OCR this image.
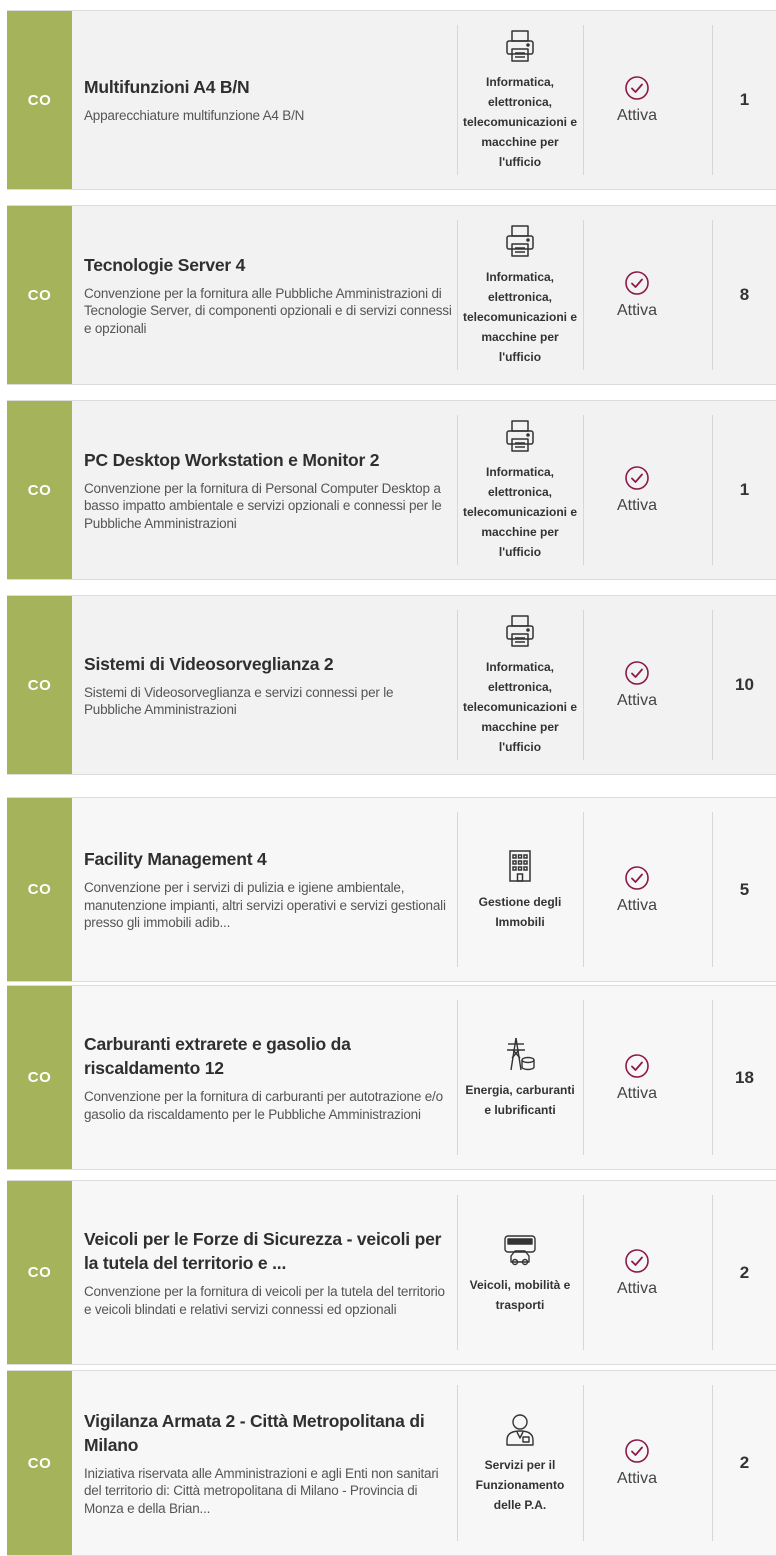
CO
Multifunzioni A4 B/N
Apparecchiature multifunzione A4 B/N
Informatica, elettronica, telecomunicazioni e macchine per l'ufficio
Attiva
1
CO
Tecnologie Server 4
Convenzione per la fornitura alle Pubbliche Amministrazioni di Tecnologie Server, di componenti opzionali e di servizi connessi e opzionali
Informatica, elettronica, telecomunicazioni e macchine per l'ufficio
Attiva
8
CO
PC Desktop Workstation e Monitor 2
Convenzione per la fornitura di Personal Computer Desktop a basso impatto ambientale e servizi opzionali e connessi per le Pubbliche Amministrazioni
Informatica, elettronica, telecomunicazioni e macchine per l'ufficio
Attiva
1
CO
Sistemi di Videosorveglianza 2
Sistemi di Videosorveglianza e servizi connessi per le Pubbliche Amministrazioni
Informatica, elettronica, telecomunicazioni e macchine per l'ufficio
Attiva
10
CO
Facility Management 4
Convenzione per i servizi di pulizia e igiene ambientale, manutenzione impianti, altri servizi operativi e servizi gestionali presso gli immobili adib...
Gestione degli Immobili
Attiva
5
CO
Carburanti extrarete e gasolio da riscaldamento 12
Convenzione per la fornitura di carburanti per autotrazione e/o gasolio da riscaldamento per le Pubbliche Amministrazioni
Energia, carburanti e lubrificanti
Attiva
18
CO
Veicoli per le Forze di Sicurezza - veicoli per la tutela del territorio e ...
Convenzione per la fornitura di veicoli per la tutela del territorio e veicoli blindati e relativi servizi connessi ed opzionali
Veicoli, mobilità e trasporti
Attiva
2
CO
Vigilanza Armata 2 - Città Metropolitana di Milano
Iniziativa riservata alle Amministrazioni e agli Enti non sanitari del territorio di: Città metropolitana di Milano - Provincia di Monza e della Brian...
Servizi per il Funzionamento delle P.A.
Attiva
2
